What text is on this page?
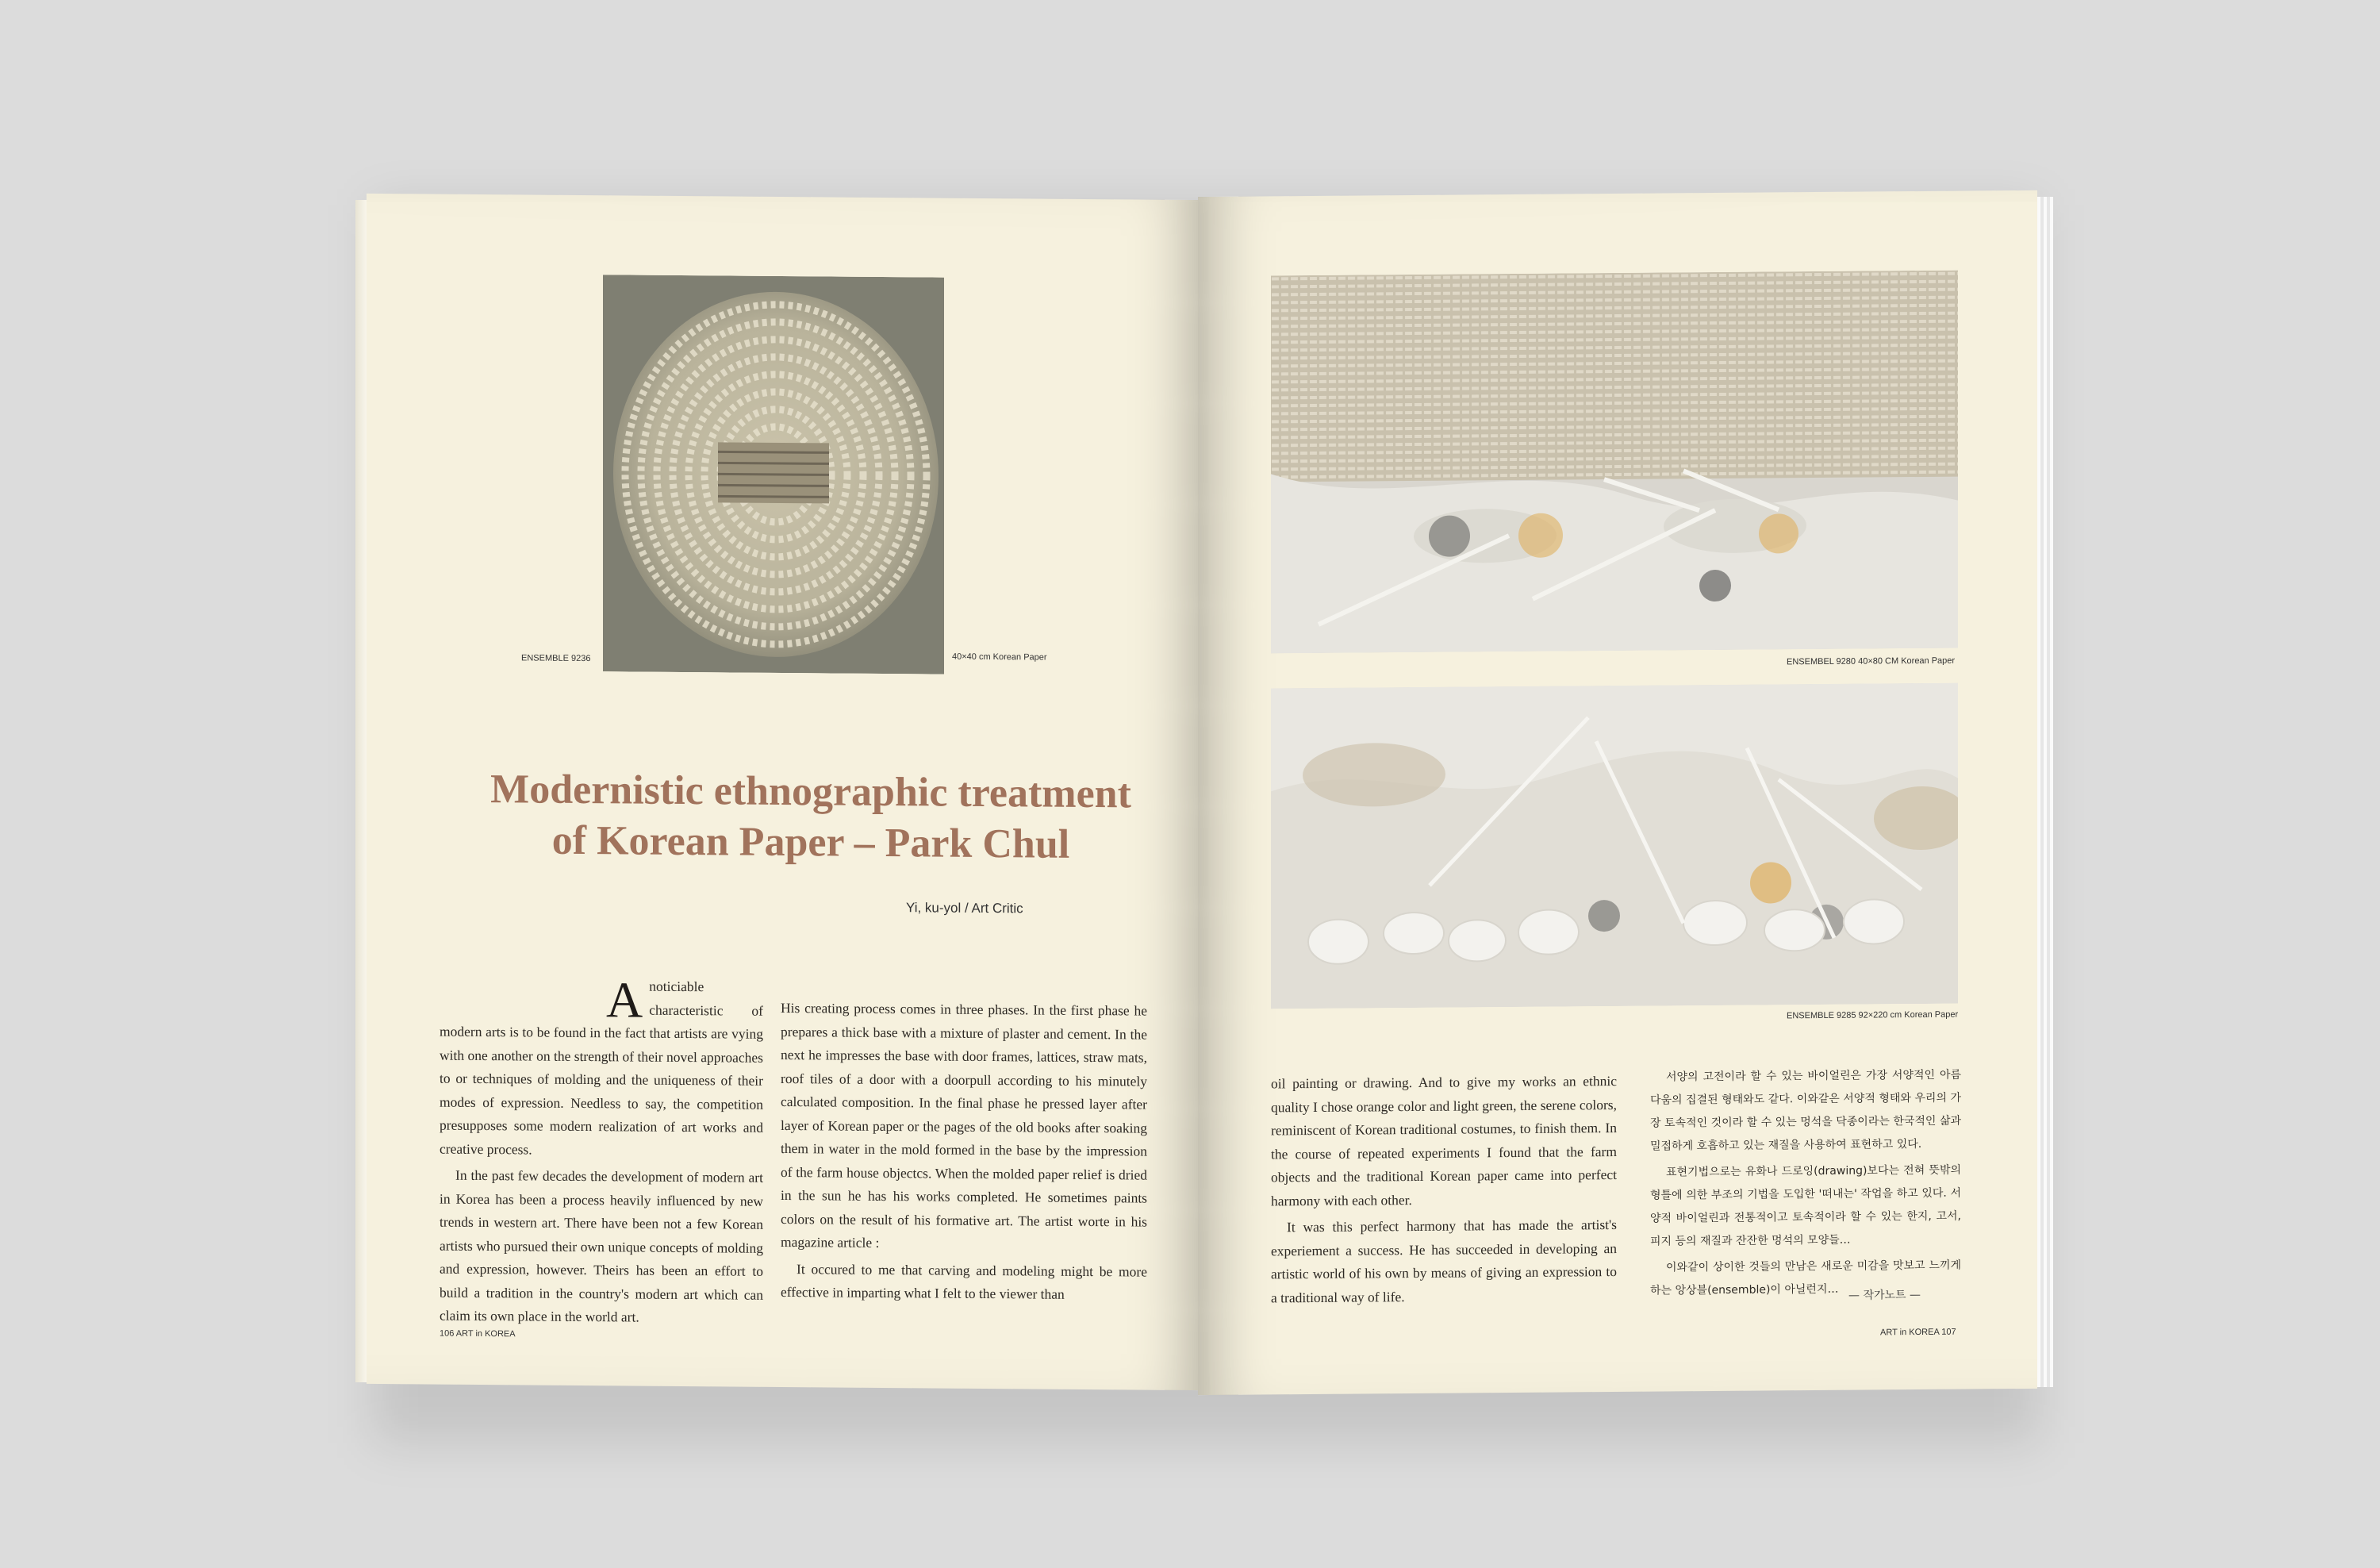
ENSEMBLE 9236	40×40 cm Korean Paper
Modernistic ethnographic treatment
of Korean Paper – Park Chul
Yi, ku-yol / Art Critic

Anoticiable characteristic of modern arts is to be found in the fact that artists are vying with one another on the strength of their novel approaches to or techniques of molding and the uniqueness of their modes of expression. Needless to say, the competition presupposes some modern realization of art works and creative process.

In the past few decades the development of modern art in Korea has been a process heavily influenced by new trends in western art. There have been not a few Korean artists who pursued their own unique concepts of molding and expression, however. Theirs has been an effort to build a tradition in the country's modern art which can claim its own place in the world art.

His creating process comes in three phases. In the first phase he prepares a thick base with a mixture of plaster and cement. In the next he impresses the base with door frames, lattices, straw mats, roof tiles of a door with a doorpull according to his minutely calculated composition. In the final phase he pressed layer after layer of Korean paper or the pages of the old books after soaking them in water in the mold formed in the base by the impression of the farm house objectcs. When the molded paper relief is dried in the sun he has his works completed. He sometimes paints colors on the result of his formative art. The artist worte in his magazine article :

It occured to me that carving and modeling might be more effective in imparting what I felt to the viewer than

106 ART in KOREA
ENSEMBEL 9280 40×80 CM Korean Paper
ENSEMBLE 9285 92×220 cm Korean Paper

oil painting or drawing. And to give my works an ethnic quality I chose orange color and light green, the serene colors, reminiscent of Korean traditional costumes, to finish them. In the course of repeated experiments I found that the farm objects and the traditional Korean paper came into perfect harmony with each other.

It was this perfect harmony that has made the artist's experiement a success. He has succeeded in developing an artistic world of his own by means of giving an expression to a traditional way of life.

서양의 고전이라 할 수 있는 바이얼린은 가장 서양적인 아름다움의 집결된 형태와도 같다. 이와같은 서양적 형태와 우리의 가장 토속적인 것이라 할 수 있는 멍석을 닥종이라는 한국적인 삶과 밀접하게 호흡하고 있는 재질을 사용하여 표현하고 있다.

표현기법으로는 유화나 드로잉(drawing)보다는 전혀 뜻밖의 형틀에 의한 부조의 기법을 도입한 '떠내는' 작업을 하고 있다. 서양적 바이얼린과 전통적이고 토속적이라 할 수 있는 한지, 고서, 피지 등의 재질과 잔잔한 멍석의 모양들…

이와같이 상이한 것들의 만남은 새로운 미감을 맛보고 느끼게 하는 앙상블(ensemble)이 아닐런지… — 작가노트 —
ART in KOREA 107
